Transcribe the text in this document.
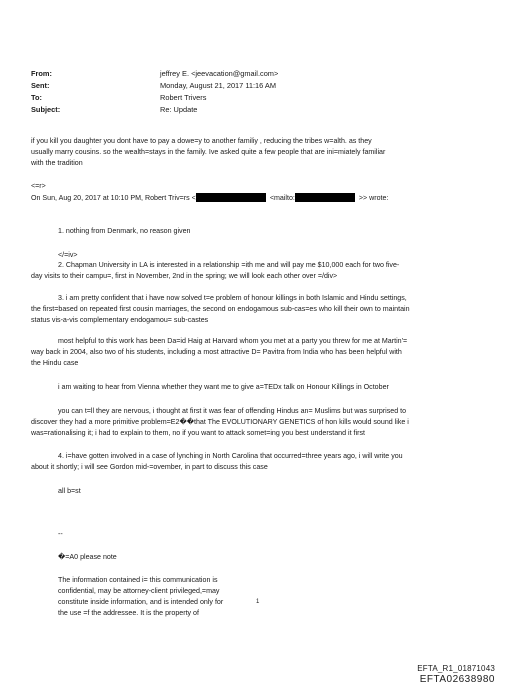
From:
Sent:
To:
Subject:
jeffrey E. <jeevacation@gmail.com>
Monday, August 21, 2017 11:16 AM
Robert Trivers
Re: Update
if you kill you daughter you dont have to pay a dowe=y to another familiy , reducing the tribes w=alth. as they
usually marry cousins. so the wealth=stays in the family. Ive asked quite a few people that are ini=miately familiar
with the tradition
<=r>
On Sun, Aug 20, 2017 at 10:10 PM, Robert Triv=rs <	<mailto:	>> wrote:
1. nothing from Denmark, no reason given
</=iv>
2. Chapman University in LA is interested in a relationship =ith me and will pay me $10,000 each for two five-
day visits to their campu=, first in November, 2nd in the spring; we will look each other over =/div>
3. i am pretty confident that i have now solved t=e problem of honour killings in both Islamic and Hindu settings,
the first=based on repeated first cousin marriages, the second on endogamous sub-cas=es who kill their own to maintain
status vis-a-vis complementary endogamou= sub-castes
most helpful to this work has been Da=id Haig at Harvard whom you met at a party you threw for me at Martin'=
way back in 2004, also two of his students, including a most attractive D= Pavitra from India who has been helpful with
the Hindu case
i am waiting to hear from Vienna whether they want me to give a=TEDx talk on Honour Killings in October
you can t=ll they are nervous, i thought at first it was fear of offending Hindus an= Muslims but was surprised to
discover they had a more primitive problem=E2��that The EVOLUTIONARY GENETICS of hon kills would sound like i
was=rationalising it; i had to explain to them, no if you want to attack somet=ing you best understand it first
4. i=have gotten involved in a case of lynching in North Carolina that occurred=three years ago, i will write you
about it shortly; i will see Gordon mid-=ovember, in part to discuss this case
all b=st
--
�=A0 please note
The information contained i= this communication is
confidential, may be attorney-client privileged,=may
constitute inside information, and is intended only for
the use =f the addressee. It is the property of
1
EFTA_R1_01871043
EFTA02638980
